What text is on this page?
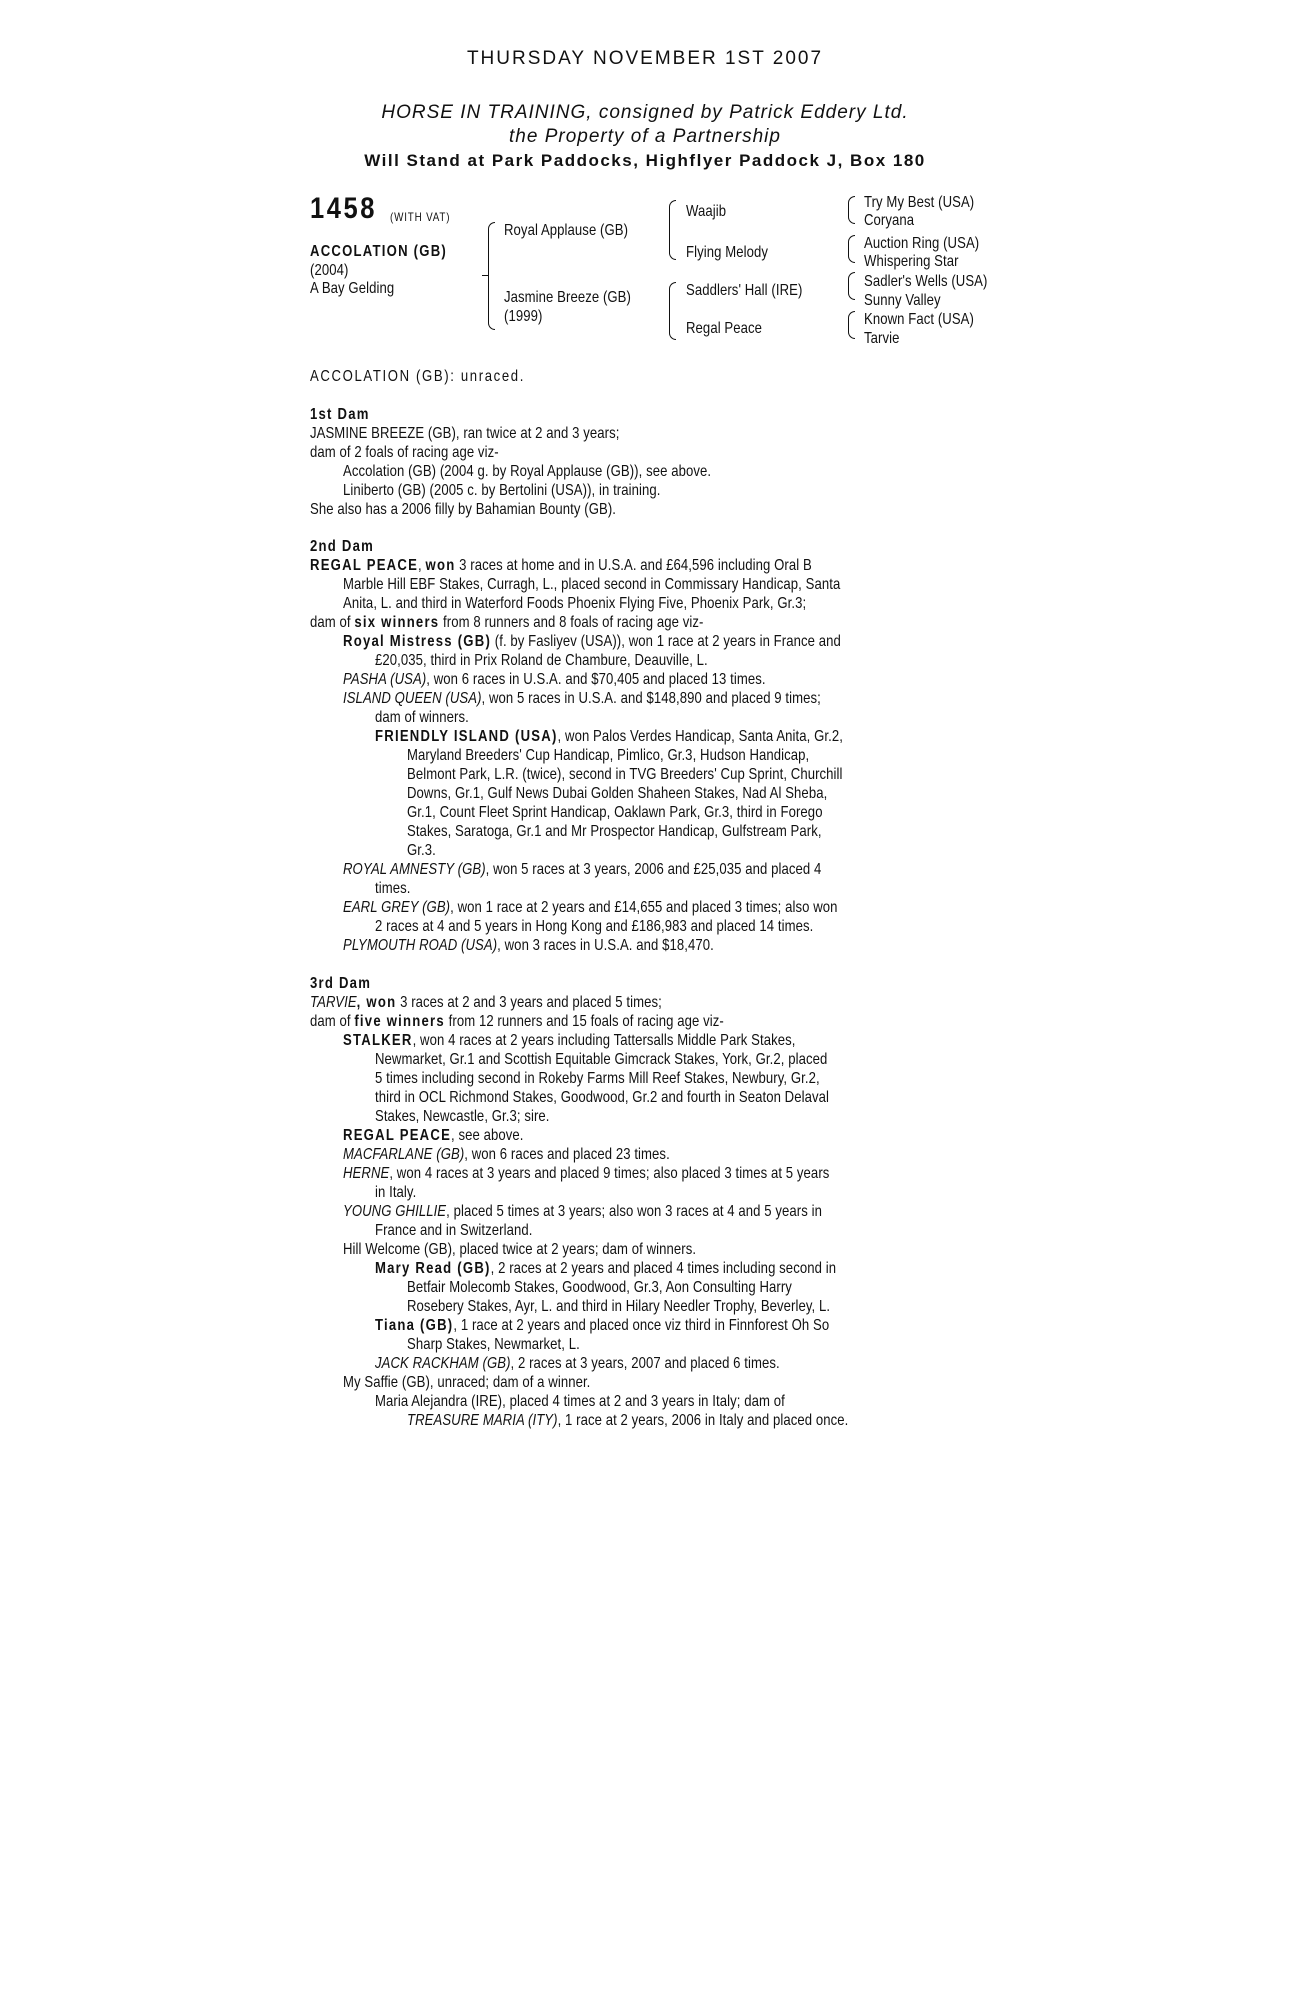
THURSDAY NOVEMBER 1ST 2007
HORSE IN TRAINING, consigned by Patrick Eddery Ltd.
the Property of a Partnership
Will Stand at Park Paddocks, Highflyer Paddock J, Box 180
1458 (WITH VAT)
ACCOLATION (GB)
(2004)
A Bay Gelding
Royal Applause (GB)
Jasmine Breeze (GB)
(1999)
Waajib
Flying Melody
Saddlers' Hall (IRE)
Regal Peace
Try My Best (USA)
Coryana
Auction Ring (USA)
Whispering Star
Sadler's Wells (USA)
Sunny Valley
Known Fact (USA)
Tarvie
ACCOLATION (GB): unraced.
1st Dam
JASMINE BREEZE (GB), ran twice at 2 and 3 years;
dam of 2 foals of racing age viz-
Accolation (GB) (2004 g. by Royal Applause (GB)), see above.
Liniberto (GB) (2005 c. by Bertolini (USA)), in training.
She also has a 2006 filly by Bahamian Bounty (GB).
2nd Dam
REGAL PEACE, won 3 races at home and in U.S.A. and £64,596 including Oral B
Marble Hill EBF Stakes, Curragh, L., placed second in Commissary Handicap, Santa
Anita, L. and third in Waterford Foods Phoenix Flying Five, Phoenix Park, Gr.3;
dam of six winners from 8 runners and 8 foals of racing age viz-
Royal Mistress (GB) (f. by Fasliyev (USA)), won 1 race at 2 years in France and
£20,035, third in Prix Roland de Chambure, Deauville, L.
PASHA (USA), won 6 races in U.S.A. and $70,405 and placed 13 times.
ISLAND QUEEN (USA), won 5 races in U.S.A. and $148,890 and placed 9 times;
dam of winners.
FRIENDLY ISLAND (USA), won Palos Verdes Handicap, Santa Anita, Gr.2,
Maryland Breeders' Cup Handicap, Pimlico, Gr.3, Hudson Handicap,
Belmont Park, L.R. (twice), second in TVG Breeders' Cup Sprint, Churchill
Downs, Gr.1, Gulf News Dubai Golden Shaheen Stakes, Nad Al Sheba,
Gr.1, Count Fleet Sprint Handicap, Oaklawn Park, Gr.3, third in Forego
Stakes, Saratoga, Gr.1 and Mr Prospector Handicap, Gulfstream Park,
Gr.3.
ROYAL AMNESTY (GB), won 5 races at 3 years, 2006 and £25,035 and placed 4
times.
EARL GREY (GB), won 1 race at 2 years and £14,655 and placed 3 times; also won
2 races at 4 and 5 years in Hong Kong and £186,983 and placed 14 times.
PLYMOUTH ROAD (USA), won 3 races in U.S.A. and $18,470.
3rd Dam
TARVIE, won 3 races at 2 and 3 years and placed 5 times;
dam of five winners from 12 runners and 15 foals of racing age viz-
STALKER, won 4 races at 2 years including Tattersalls Middle Park Stakes,
Newmarket, Gr.1 and Scottish Equitable Gimcrack Stakes, York, Gr.2, placed
5 times including second in Rokeby Farms Mill Reef Stakes, Newbury, Gr.2,
third in OCL Richmond Stakes, Goodwood, Gr.2 and fourth in Seaton Delaval
Stakes, Newcastle, Gr.3; sire.
REGAL PEACE, see above.
MACFARLANE (GB), won 6 races and placed 23 times.
HERNE, won 4 races at 3 years and placed 9 times; also placed 3 times at 5 years
in Italy.
YOUNG GHILLIE, placed 5 times at 3 years; also won 3 races at 4 and 5 years in
France and in Switzerland.
Hill Welcome (GB), placed twice at 2 years; dam of winners.
Mary Read (GB), 2 races at 2 years and placed 4 times including second in
Betfair Molecomb Stakes, Goodwood, Gr.3, Aon Consulting Harry
Rosebery Stakes, Ayr, L. and third in Hilary Needler Trophy, Beverley, L.
Tiana (GB), 1 race at 2 years and placed once viz third in Finnforest Oh So
Sharp Stakes, Newmarket, L.
JACK RACKHAM (GB), 2 races at 3 years, 2007 and placed 6 times.
My Saffie (GB), unraced; dam of a winner.
Maria Alejandra (IRE), placed 4 times at 2 and 3 years in Italy; dam of
TREASURE MARIA (ITY), 1 race at 2 years, 2006 in Italy and placed once.
